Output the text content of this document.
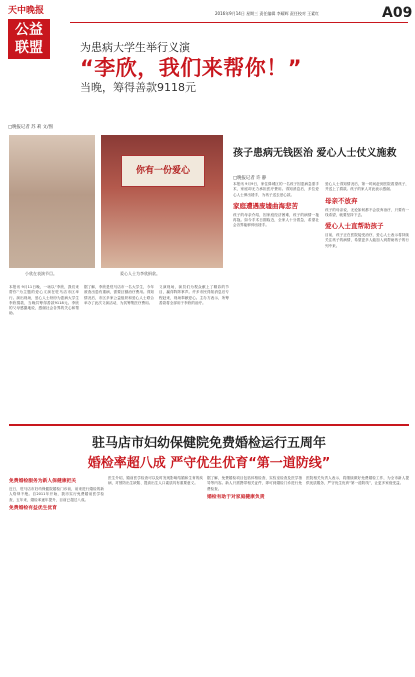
天中晚报
公益联盟
2016年9月14日 星期三 责任编辑 李耀辉 责任校对 王素红	A09
为患病大学生举行义演
“李欣，我们来帮你！”
当晚，筹得善款9118元
□晚报记者 苏 莉 文/图
你有一份爱心
小欣在表演节目。	爱心人士为李欣捐款。
本报讯 9月11日晚，一场以“李欣，我们来帮你”为主题的爱心义演在驻马店市区举行。演出现场，爱心人士纷纷为患病大学生李欣捐款，当晚共筹得善款9118元。李欣的父母感激地说，感谢社会各界的关心和帮助。
据了解，李欣是驻马店市一名大学生，今年被查出患有重病，需要巨额治疗费用。得知情况后，市区多家公益组织和爱心人士联合举办了此次义演活动，为其筹集医疗费用。
义演现场，演员们为观众献上了精彩的节目，赢得阵阵掌声。许多市民得知消息后专程赶来，现场奉献爱心。主办方表示，所筹善款将全部用于李欣的治疗。
孩子患病无钱医治 爱心人士仗义施救
□晚报记者 许 静
本报讯 9月9日，家住驿城区的一名孩子因患病急需手术，家庭却无力承担医疗费用。得知消息后，多位爱心人士伸出援手，为孩子送去爱心款。
家庭遭遇废墟曲海悲苦
孩子的母亲介绍，因家庭经济困难，孩子的病情一拖再拖。如今手术日期临近，全家人十分着急，希望社会各界能够伸出援手。
爱心人士得知情况后，第一时间赶到医院看望孩子，并送上了捐款。孩子的家人对此表示感谢。
母亲不放弃
孩子的母亲说，无论如何都不会放弃治疗，只要有一线希望，就要坚持下去。
爱心人士直帮助孩子
目前，孩子正在医院接受治疗，爱心人士表示将持续关注孩子的病情，希望更多人能加入到帮助孩子的行列中来。
驻马店市妇幼保健院免费婚检运行五周年
婚检率超八成 严守优生优育“第一道防线”
免费婚检服务为新人保健康把关
近日，驻马店市妇幼保健院婚检门诊前，前来进行婚检的新人络绎不绝。自2011年开始，我市实行免费婚前医学检查，五年来，婚检率逐年提升，目前已超过八成。
免费婚检有益优生优育
医生介绍，婚前医学检查可以及时发现影响结婚和生育的疾病，对预防出生缺陷、提高出生人口素质具有重要意义。
据了解，免费婚检项目包括体格检查、实验室检查及医学指导等内容。新人只需携带相关证件，即可到婚检门诊进行免费检查。
婚检有助于对家庭健康负责
医院相关负责人表示，将继续做好免费婚检工作，为全市新人提供优质服务，严守优生优育“第一道防线”，让更多家庭受益。
